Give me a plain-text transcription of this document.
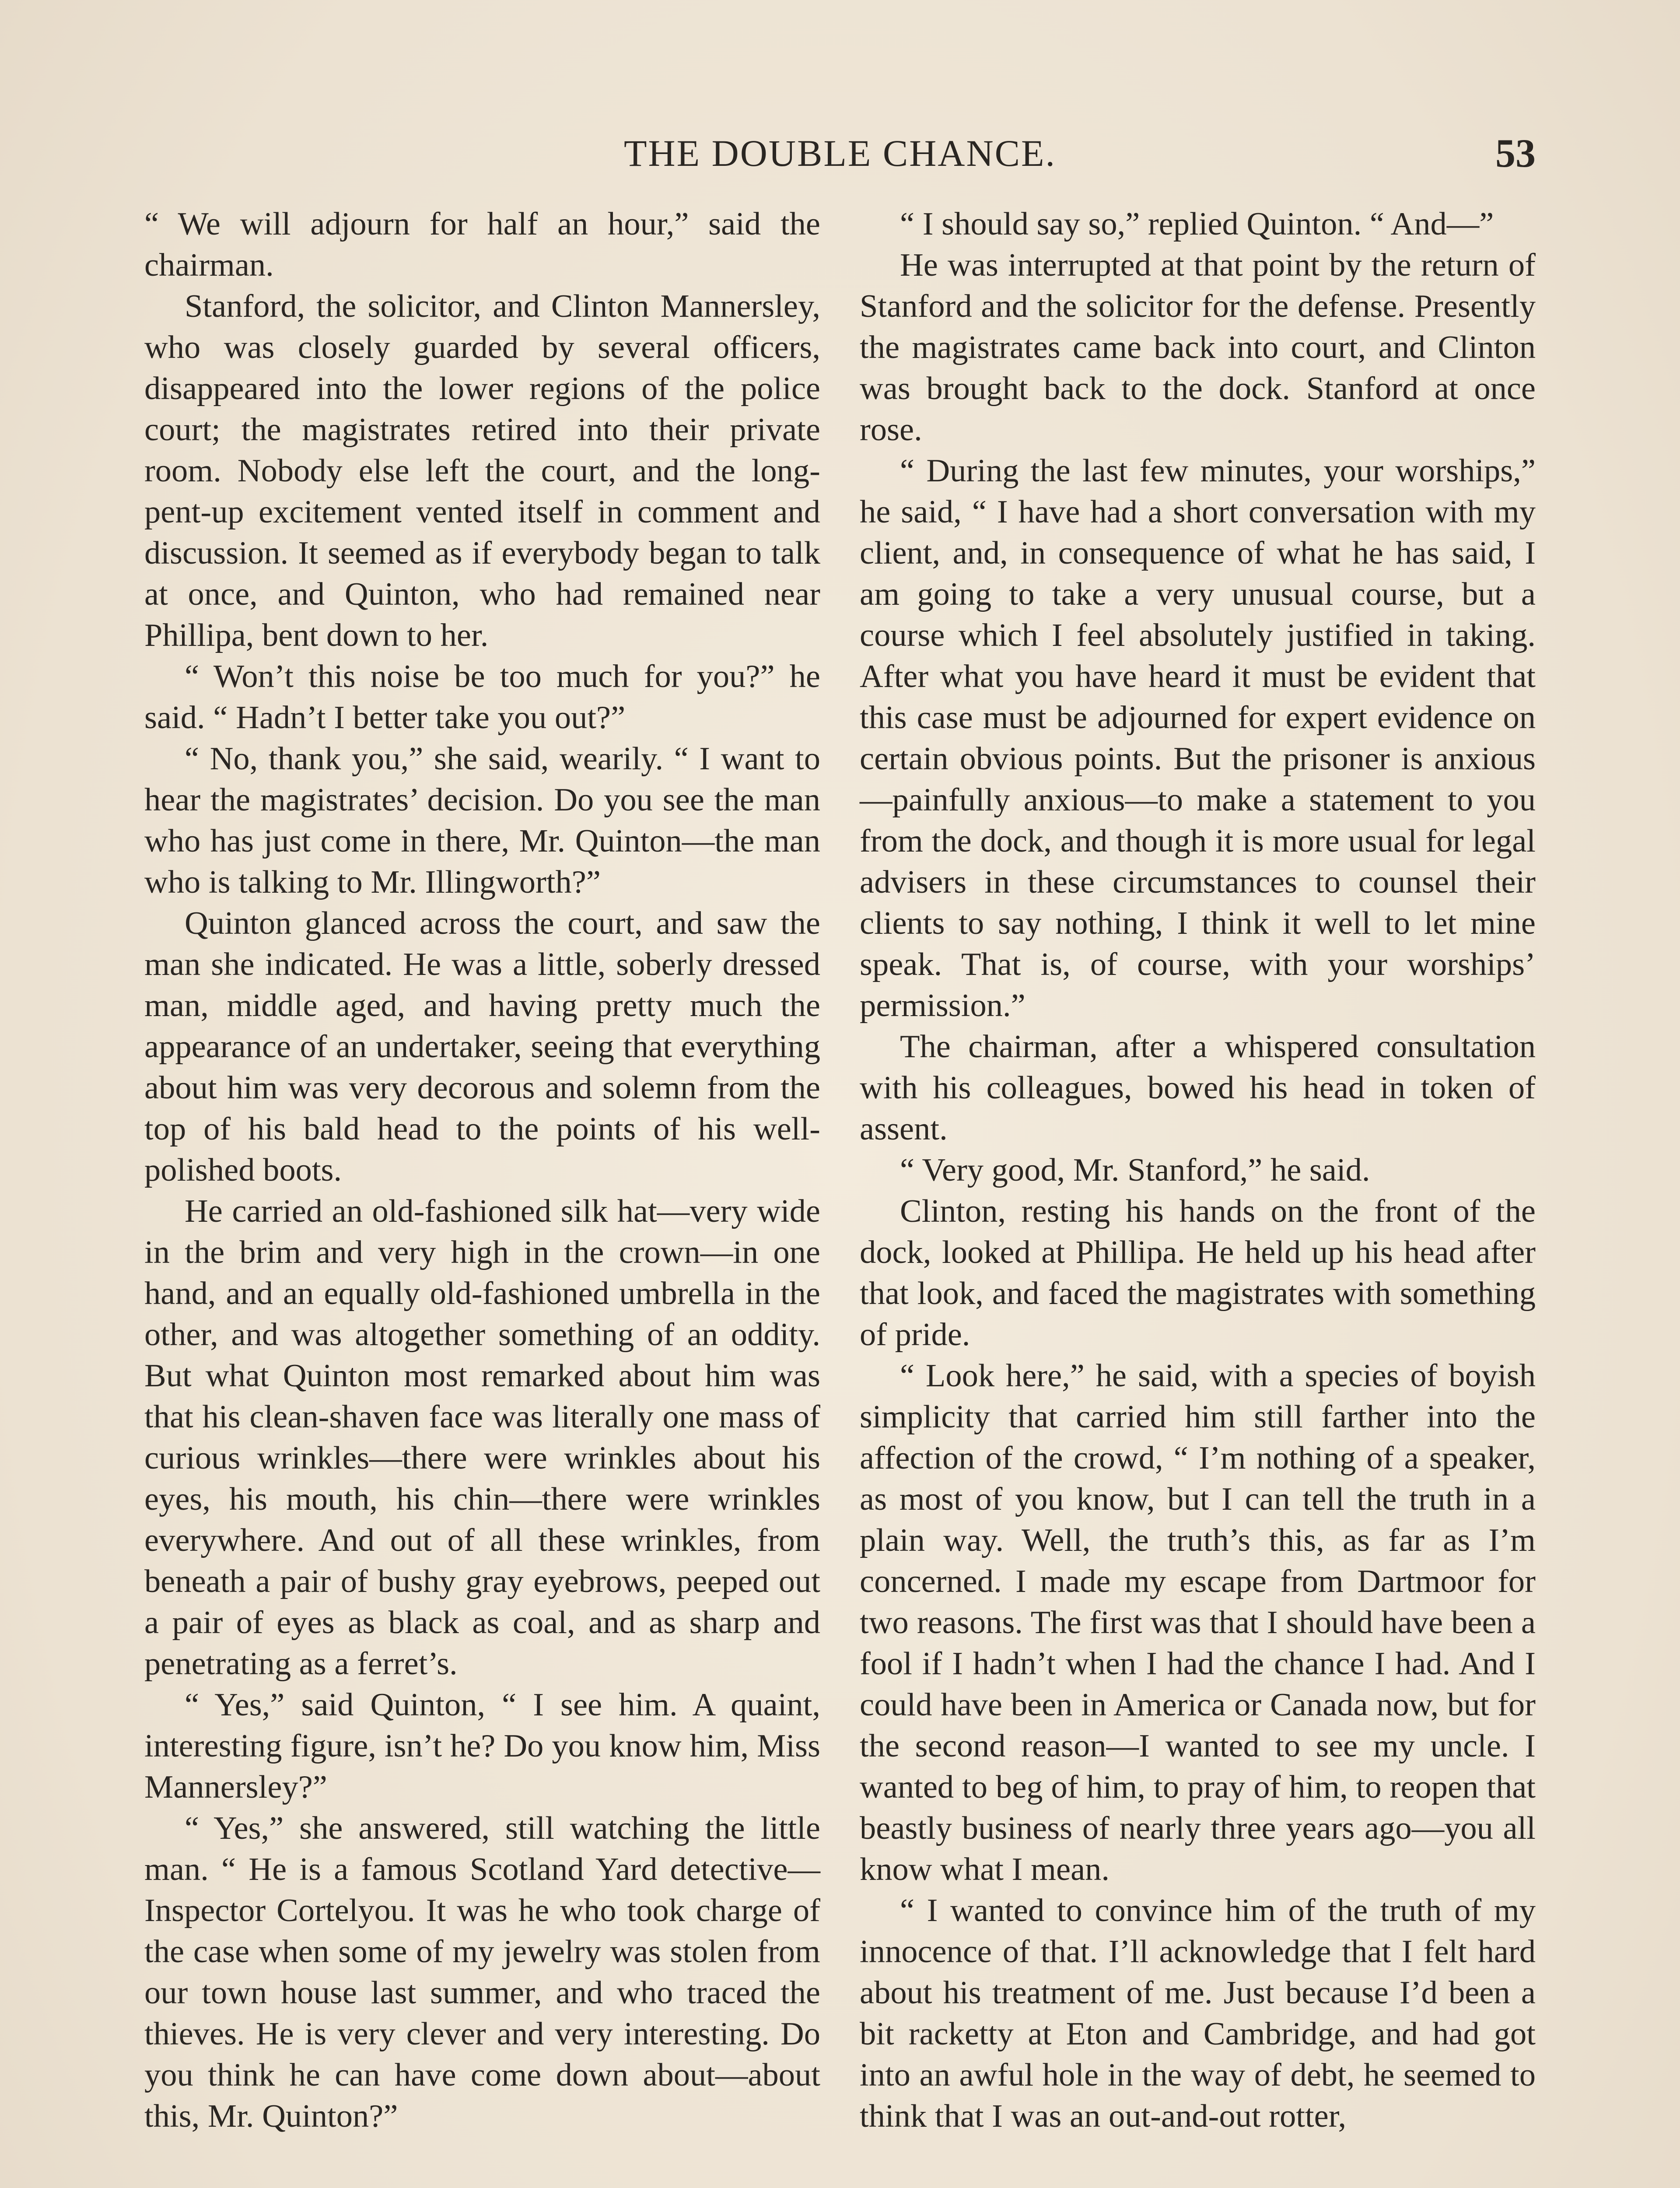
THE DOUBLE CHANCE.	53

“ We will adjourn for half an hour,” said the chairman.

Stanford, the solicitor, and Clinton Mannersley, who was closely guarded by several officers, disappeared into the lower regions of the police court; the magistrates retired into their private room. Nobody else left the court, and the long-pent-up excitement vented itself in comment and discussion. It seemed as if everybody began to talk at once, and Quinton, who had remained near Phillipa, bent down to her.

“ Won’t this noise be too much for you?” he said. “ Hadn’t I better take you out?”

“ No, thank you,” she said, wearily. “ I want to hear the magistrates’ decision. Do you see the man who has just come in there, Mr. Quinton—the man who is talking to Mr. Illingworth?”

Quinton glanced across the court, and saw the man she indicated. He was a little, soberly dressed man, middle aged, and having pretty much the appearance of an undertaker, seeing that everything about him was very decorous and solemn from the top of his bald head to the points of his well-polished boots.

He carried an old-fashioned silk hat—very wide in the brim and very high in the crown—in one hand, and an equally old-fashioned umbrella in the other, and was altogether something of an oddity. But what Quinton most remarked about him was that his clean-shaven face was literally one mass of curious wrinkles—there were wrinkles about his eyes, his mouth, his chin—there were wrinkles everywhere. And out of all these wrinkles, from beneath a pair of bushy gray eyebrows, peeped out a pair of eyes as black as coal, and as sharp and penetrating as a ferret’s.

“ Yes,” said Quinton, “ I see him. A quaint, interesting figure, isn’t he? Do you know him, Miss Mannersley?”

“ Yes,” she answered, still watching the little man. “ He is a famous Scotland Yard detective—Inspector Cortelyou. It was he who took charge of the case when some of my jewelry was stolen from our town house last summer, and who traced the thieves. He is very clever and very interesting. Do you think he can have come down about—about this, Mr. Quinton?”

“ I should say so,” replied Quinton. “ And—”

He was interrupted at that point by the return of Stanford and the solicitor for the defense. Presently the magistrates came back into court, and Clinton was brought back to the dock. Stanford at once rose.

“ During the last few minutes, your worships,” he said, “ I have had a short conversation with my client, and, in consequence of what he has said, I am going to take a very unusual course, but a course which I feel absolutely justified in taking. After what you have heard it must be evident that this case must be adjourned for expert evidence on certain obvious points. But the prisoner is anxious—painfully anxious—to make a statement to you from the dock, and though it is more usual for legal advisers in these circumstances to counsel their clients to say nothing, I think it well to let mine speak. That is, of course, with your worships’ permission.”

The chairman, after a whispered consultation with his colleagues, bowed his head in token of assent.

“ Very good, Mr. Stanford,” he said.

Clinton, resting his hands on the front of the dock, looked at Phillipa. He held up his head after that look, and faced the magistrates with something of pride.

“ Look here,” he said, with a species of boyish simplicity that carried him still farther into the affection of the crowd, “ I’m nothing of a speaker, as most of you know, but I can tell the truth in a plain way. Well, the truth’s this, as far as I’m concerned. I made my escape from Dartmoor for two reasons. The first was that I should have been a fool if I hadn’t when I had the chance I had. And I could have been in America or Canada now, but for the second reason—I wanted to see my uncle. I wanted to beg of him, to pray of him, to reopen that beastly business of nearly three years ago—you all know what I mean.

“ I wanted to convince him of the truth of my innocence of that. I’ll acknowledge that I felt hard about his treatment of me. Just because I’d been a bit racketty at Eton and Cambridge, and had got into an awful hole in the way of debt, he seemed to think that I was an out-and-out rotter,
